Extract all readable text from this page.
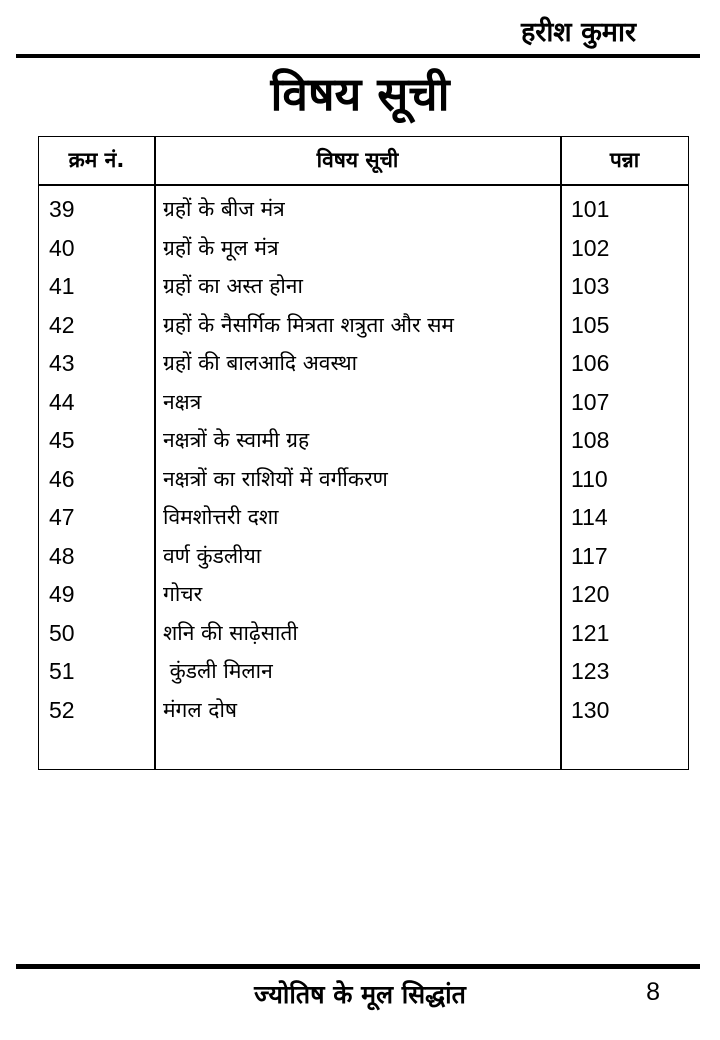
हरीश कुमार
विषय सूची
क्रम नं.	विषय सूची	पन्ना
39	ग्रहों के बीज मंत्र	101
40	ग्रहों के मूल मंत्र	102
41	ग्रहों का अस्त होना	103
42	ग्रहों के नैसर्गिक मित्रता शत्रुता और सम	105
43	ग्रहों की बालआदि अवस्था	106
44	नक्षत्र	107
45	नक्षत्रों के स्वामी ग्रह	108
46	नक्षत्रों का राशियों में वर्गीकरण	110
47	विमशोत्तरी दशा	114
48	वर्ण कुंडलीया	117
49	गोचर	120
50	शनि की साढ़ेसाती	121
51	कुंडली मिलान	123
52	मंगल दोष	130
ज्योतिष के मूल सिद्धांत	8
